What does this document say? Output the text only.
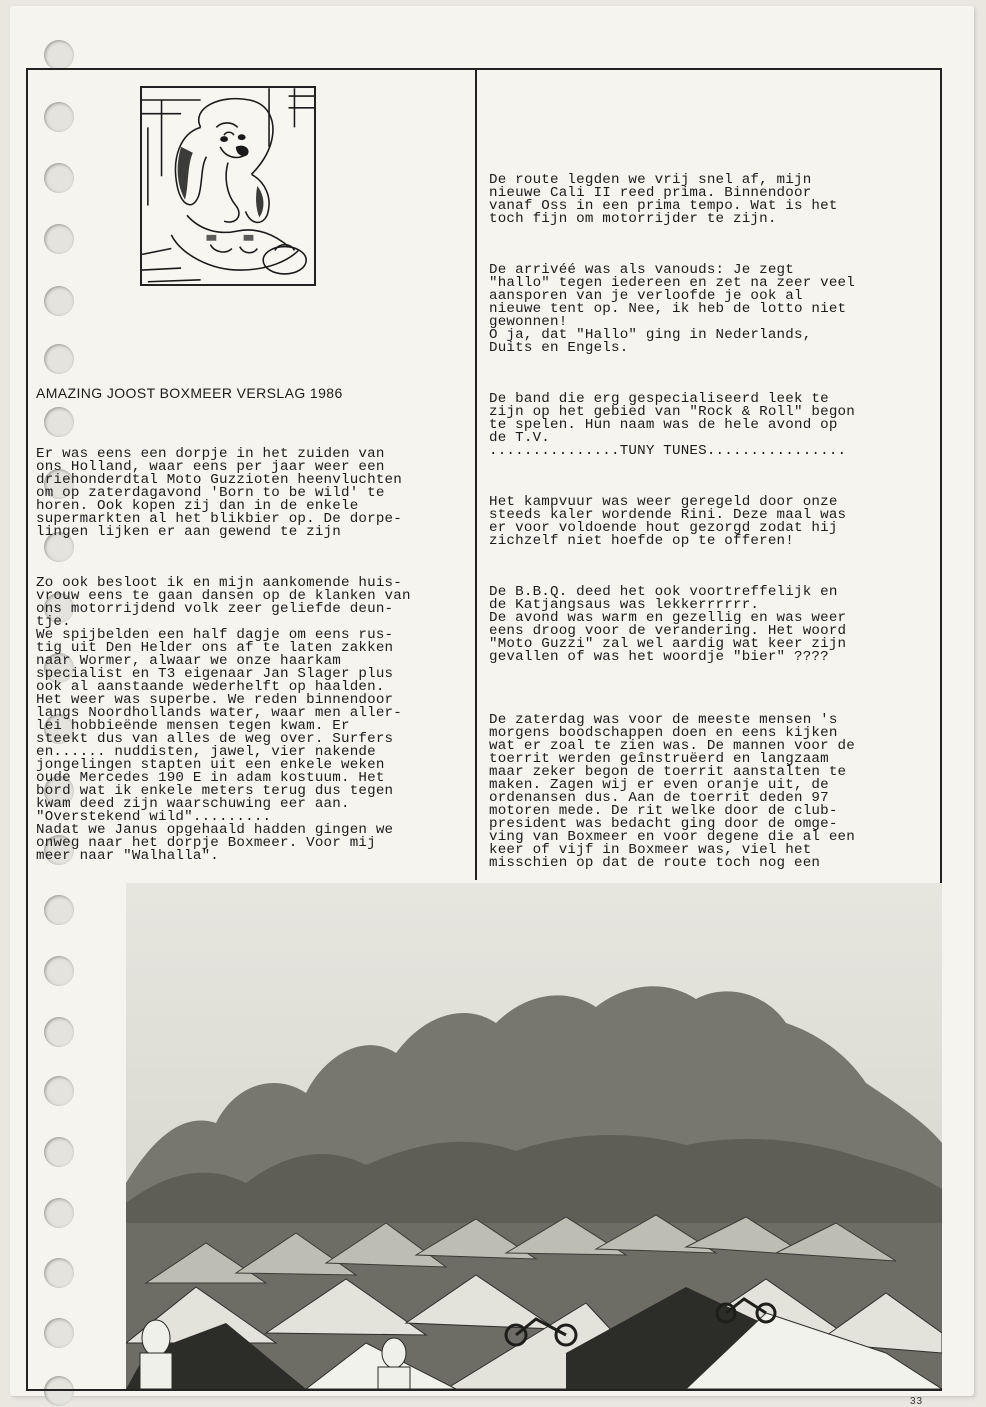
AMAZING JOOST BOXMEER VERSLAG 1986

Er was eens een dorpje in het zuiden van
ons Holland, waar eens per jaar weer een
driehonderdtal Moto Guzzioten heenvluchten
om op zaterdagavond 'Born to be wild' te
horen. Ook kopen zij dan in de enkele
supermarkten al het blikbier op. De dorpe-
lingen lijken er aan gewend te zijn

Zo ook besloot ik en mijn aankomende huis-
vrouw eens te gaan dansen op de klanken van
ons motorrijdend volk zeer geliefde deun-
tje.
We spijbelden een half dagje om eens rus-
tig uit Den Helder ons af te laten zakken
naar Wormer, alwaar we onze haarkam
specialist en T3 eigenaar Jan Slager plus
ook al aanstaande wederhelft op haalden.
Het weer was superbe. We reden binnendoor
langs Noordhollands water, waar men aller-
lei hobbieënde mensen tegen kwam. Er
steekt dus van alles de weg over. Surfers
en...... nuddisten, jawel, vier nakende
jongelingen stapten uit een enkele weken
oude Mercedes 190 E in adam kostuum. Het
bord wat ik enkele meters terug dus tegen
kwam deed zijn waarschuwing eer aan.
"Overstekend wild".........
Nadat we Janus opgehaald hadden gingen we
onweg naar het dorpje Boxmeer. Voor mij
meer naar "Walhalla".

De route legden we vrij snel af, mijn
nieuwe Cali II reed prima. Binnendoor
vanaf Oss in een prima tempo. Wat is het
toch fijn om motorrijder te zijn.

De arrivéé was als vanouds: Je zegt
"hallo" tegen iedereen en zet na zeer veel
aansporen van je verloofde je ook al
nieuwe tent op. Nee, ik heb de lotto niet
gewonnen!
O ja, dat "Hallo" ging in Nederlands,
Duits en Engels.

De band die erg gespecialiseerd leek te
zijn op het gebied van "Rock & Roll" begon
te spelen. Hun naam was de hele avond op
de T.V.
...............TUNY TUNES................

Het kampvuur was weer geregeld door onze
steeds kaler wordende Rini. Deze maal was
er voor voldoende hout gezorgd zodat hij
zichzelf niet hoefde op te offeren!

De B.B.Q. deed het ook voortreffelijk en
de Katjangsaus was lekkerrrrrr.
De avond was warm en gezellig en was weer
eens droog voor de verandering. Het woord
"Moto Guzzi" zal wel aardig wat keer zijn
gevallen of was het woordje "bier" ????

De zaterdag was voor de meeste mensen 's
morgens boodschappen doen en eens kijken
wat er zoal te zien was. De mannen voor de
toerrit werden geînstruëerd en langzaam
maar zeker begon de toerrit aanstalten te
maken. Zagen wij er even oranje uit, de
ordenansen dus. Aan de toerrit deden 97
motoren mede. De rit welke door de club-
president was bedacht ging door de omge-
ving van Boxmeer en voor degene die al een
keer of vijf in Boxmeer was, viel het
misschien op dat de route toch nog een

33
